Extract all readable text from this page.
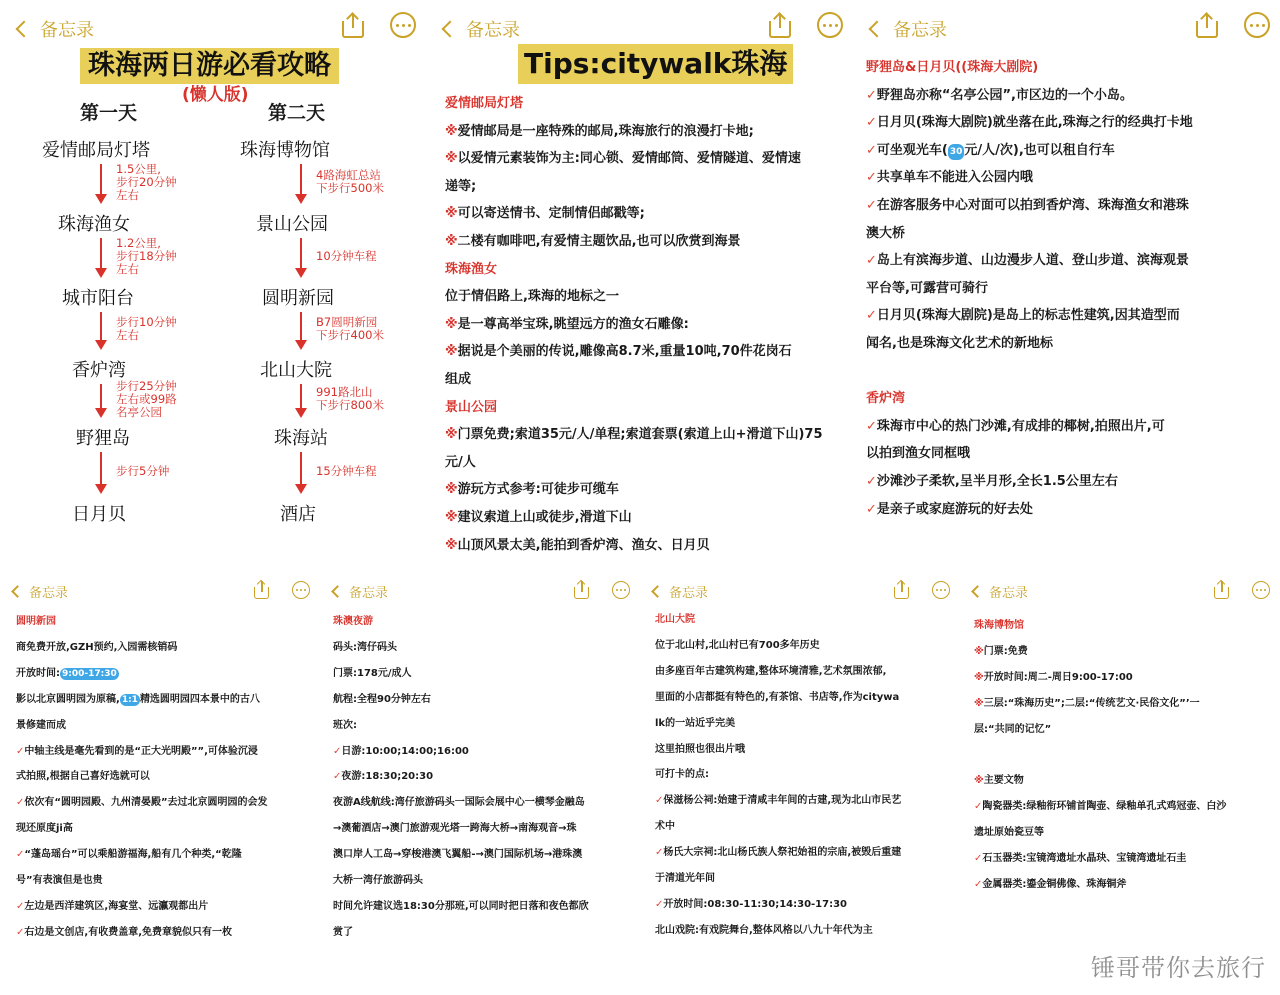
备忘录
珠海两日游必看攻略
(懒人版)
第一天	第二天
爱情邮局灯塔
珠海渔女
城市阳台
香炉湾
野狸岛
日月贝
1.5公里,
步行20分钟
左右
1.2公里,
步行18分钟
左右
步行10分钟
左右
步行25分钟
左右或99路
名亭公园
步行5分钟
珠海博物馆
景山公园
圆明新园
北山大院
珠海站
酒店
4路海虹总站
下步行500米
10分钟车程
B7圆明新园
下步行400米
991路北山
下步行800米
15分钟车程
备忘录
Tips:citywalk珠海
爱情邮局灯塔
※爱情邮局是一座特殊的邮局,珠海旅行的浪漫打卡地;
※以爱情元素装饰为主:同心锁、爱情邮筒、爱情隧道、爱情速
递等;
※可以寄送情书、定制情侣邮戳等;
※二楼有咖啡吧,有爱情主题饮品,也可以欣赏到海景
珠海渔女
位于情侣路上,珠海的地标之一
※是一尊高举宝珠,眺望远方的渔女石雕像:
※据说是个美丽的传说,雕像高8.7米,重量10吨,70件花岗石
组成
景山公园
※门票免费;索道35元/人/单程;索道套票(索道上山+滑道下山)75
元/人
※游玩方式参考:可徒步可缆车
※建议索道上山或徒步,滑道下山
※山顶风景太美,能拍到香炉湾、渔女、日月贝
备忘录
野狸岛&日月贝((珠海大剧院)
✓野狸岛亦称“名亭公园”,市区边的一个小岛。
✓日月贝(珠海大剧院)就坐落在此,珠海之行的经典打卡地
✓可坐观光车( 30 元/人/次),也可以租自行车
✓共享单车不能进入公园内哦
✓在游客服务中心对面可以拍到香炉湾、珠海渔女和港珠
澳大桥
✓岛上有滨海步道、山边漫步人道、登山步道、滨海观景
平台等,可露营可骑行
✓日月贝(珠海大剧院)是岛上的标志性建筑,因其造型而
闻名,也是珠海文化艺术的新地标
香炉湾
✓珠海市中心的热门沙滩,有成排的椰树,拍照出片,可
以拍到渔女同框哦
✓沙滩沙子柔软,呈半月形,全长1.5公里左右
✓是亲子或家庭游玩的好去处
备忘录	备忘录	备忘录	备忘录
圆明新园
商免费开放,GZH预约,入园需核销码
开放时间: 9:00-17:30
影以北京圆明园为原稿, 1:1 精选圆明园四本景中的古八
景修建而成
✓中轴主线是毫先看到的是“正大光明殿””,可体验沉浸
式拍照,根据自己喜好选就可以
✓依次有“圆明园殿、九州清晏殿”去过北京圆明园的会发
现还原度ji高
✓“蓬岛瑶台”可以乘船游福海,船有几个种类,“乾隆
号”有表演但是也贵
✓左边是西洋建筑区,海宴堂、远瀛观都出片
✓右边是文创店,有收费盖章,免费章貌似只有一枚
珠澳夜游
码头:湾仔码头
门票:178元/成人
航程:全程90分钟左右
班次:
✓日游:10:00;14:00;16:00
✓夜游:18:30;20:30
夜游A线航线:湾仔旅游码头一国际会展中心一横琴金融岛
→澳葡酒店→澳门旅游观光塔一跨海大桥→南海观音→珠
澳口岸人工岛→穿梭港澳飞翼船-→澳门国际机场→港珠澳
大桥一湾仔旅游码头
时间允许建议选18:30分那班,可以同时把日落和夜色都欣
赏了
北山大院
位于北山村,北山村已有700多年历史
由多座百年古建筑构建,整体环境清雅,艺术氛围浓郁,
里面的小店都挺有特色的,有茶馆、书店等,作为citywa
lk的一站近乎完美
这里拍照也很出片哦
可打卡的点:
✓保滋杨公祠:始建于清咸丰年间的古建,现为北山市民艺
术中
✓杨氏大宗祠:北山杨氏族人祭祀始祖的宗庙,被毁后重建
于清道光年间
✓开放时间:08:30-11:30;14:30-17:30
北山戏院:有戏院舞台,整体风格以八九十年代为主
珠海博物馆
※门票:免费
※开放时间:周二-周日9:00-17:00
※三层:“珠海历史”;二层:“传统艺文·民俗文化”’一
层:“共同的记忆”
※主要文物
✓陶瓷器类:绿釉衔环铺首陶壶、绿釉单孔式鸡冠壶、白沙
遗址原始瓷豆等
✓石玉器类:宝镜湾遗址水晶玦、宝镜湾遗址石圭
✓金属器类:鎏金铜佛像、珠海铜斧
锤哥带你去旅行
